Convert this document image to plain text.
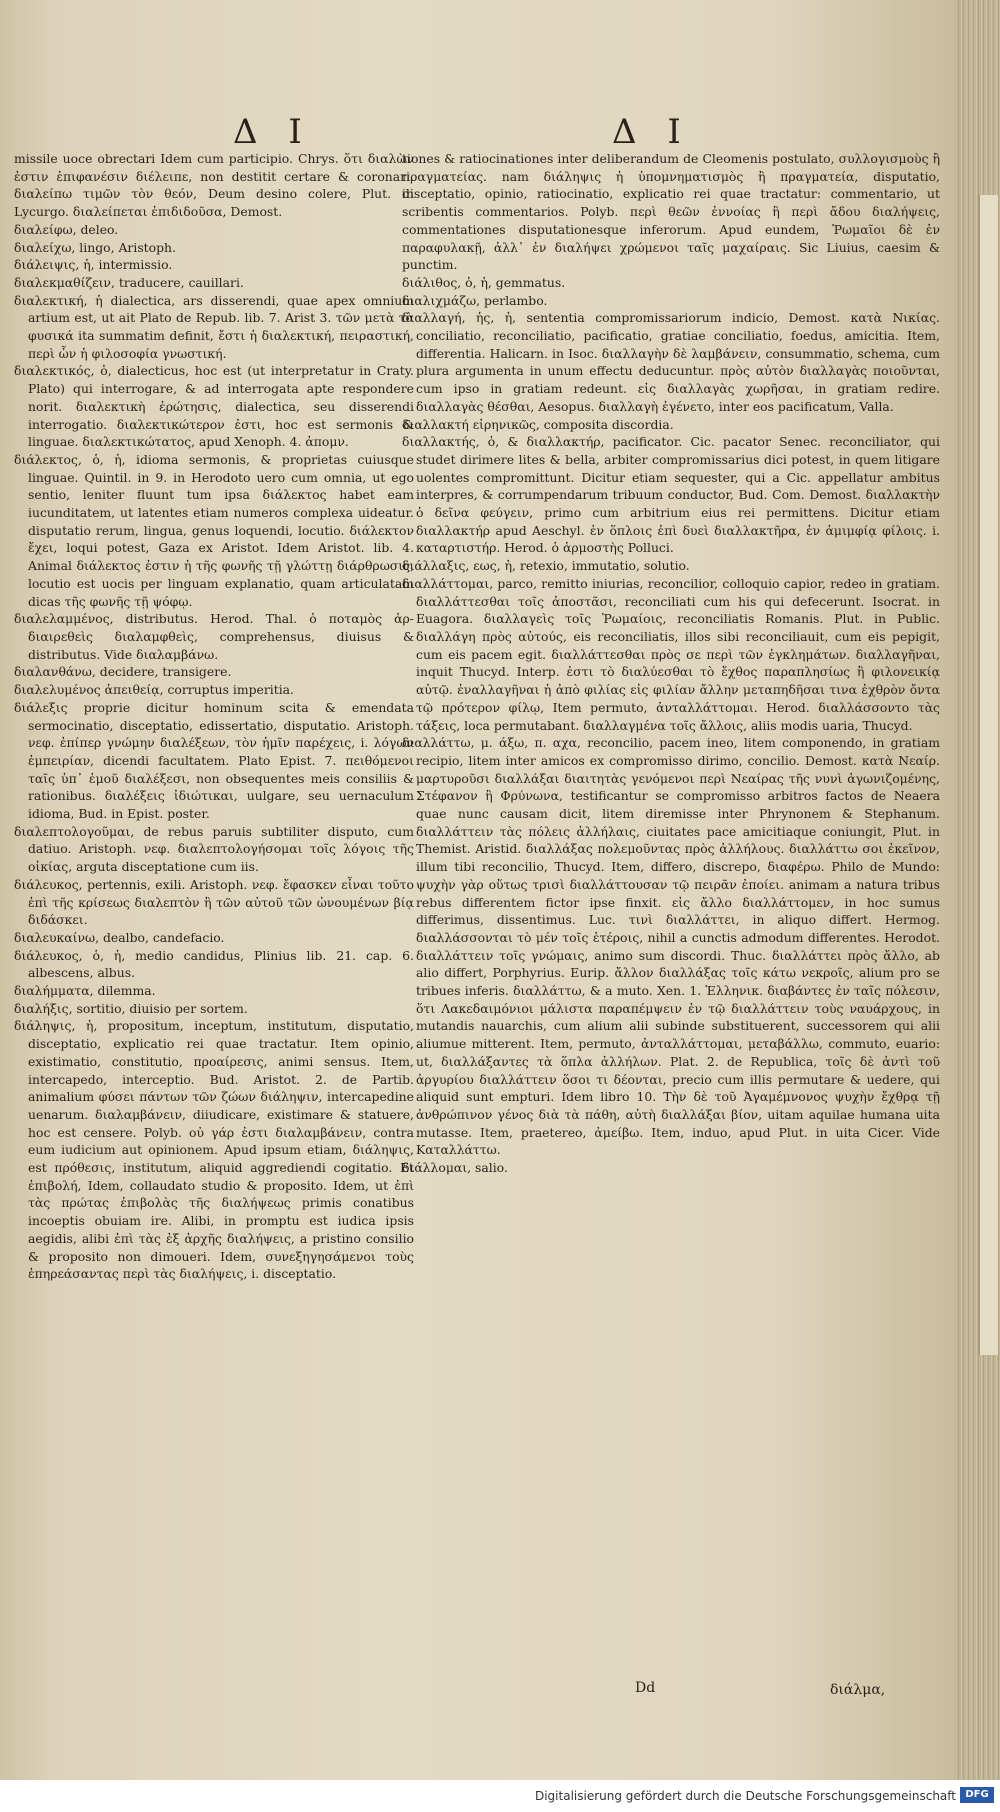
Δ Ι	Δ Ι

missile uoce obrectari Idem cum participio. Chrys. ὅτι διαλὼν ἐστιν ἐπιφανέσιν διέλειπε, non destitit certare & coronari. διαλείπω τιμῶν τὸν θεόν, Deum desino colere, Plut. in Lycurgo. διαλείπεται ἐπιδιδοῦσα, Demost.

διαλείφω, deleo.

διαλείχω, lingo, Aristoph.

διάλειψις, ἡ, intermissio.

διαλεκμαθίζειν, traducere, cauillari.

διαλεκτική, ἡ dialectica, ars disserendi, quae apex omnium artium est, ut ait Plato de Repub. lib. 7. Arist 3. τῶν μετὰ τὰ φυσικά ita summatim definit, ἔστι ἡ διαλεκτική, πειραστική, περὶ ὧν ἡ φιλοσοφία γνωστική.

διαλεκτικός, ὁ, dialecticus, hoc est (ut interpretatur in Craty. Plato) qui interrogare, & ad interrogata apte respondere norit. διαλεκτικὴ ἐρώτησις, dialectica, seu disserendi interrogatio. διαλεκτικώτερον ἐστι, hoc est sermonis & linguae. διαλεκτικώτατος, apud Xenoph. 4. ἀπομν.

διάλεκτος, ὁ, ἡ, idioma sermonis, & proprietas cuiusque linguae. Quintil. in 9. in Herodoto uero cum omnia, ut ego sentio, leniter fluunt tum ipsa διάλεκτος habet eam iucunditatem, ut latentes etiam numeros complexa uideatur. disputatio rerum, lingua, genus loquendi, locutio. διάλεκτον ἔχει, loqui potest, Gaza ex Aristot. Idem Aristot. lib. 4. Animal διάλεκτος ἐστιν ἡ τῆς φωνῆς τῇ γλώττῃ διάρθρωσις, locutio est uocis per linguam explanatio, quam articulatam dicas τῆς φωνῆς τῇ ψόφῳ.

διαλελαμμένος, distributus. Herod. Thal. ὁ ποταμὸς ἀρ-διαιρεθεὶς διαλαμφθεὶς, comprehensus, diuisus & distributus. Vide διαλαμβάνω.

διαλανθάνω, decidere, transigere.

διαλελυμένος ἀπειθείᾳ, corruptus imperitia.

διάλεξις proprie dicitur hominum scita & emendata sermocinatio, disceptatio, edissertatio, disputatio. Aristoph. νεφ. ἐπίπερ γνώμην διαλέξεων, τὸν ἡμῖν παρέχεις, i. λόγων ἐμπειρίαν, dicendi facultatem. Plato Epist. 7. πειθόμενοι ταῖς ὑπ᾿ ἐμοῦ διαλέξεσι, non obsequentes meis consiliis & rationibus. διαλέξεις ἰδιώτικαι, uulgare, seu uernaculum idioma, Bud. in Epist. poster.

διαλεπτολογοῦμαι, de rebus paruis subtiliter disputo, cum datiuo. Aristoph. νεφ. διαλεπτολογήσομαι τοῖς λόγοις τῆς οἰκίας, arguta disceptatione cum iis.

διάλευκος, pertennis, exili. Aristoph. νεφ. ἔφασκεν εἶναι τοῦτο ἐπὶ τῆς κρίσεως διαλεπτὸν ἢ τῶν αὐτοῦ τῶν ὠνουμένων βίᾳ διδάσκει.

διαλευκαίνω, dealbo, candefacio.

διάλευκος, ὁ, ἡ, medio candidus, Plinius lib. 21. cap. 6. albescens, albus.

διαλήμματα, dilemma.

διαλήξις, sortitio, diuisio per sortem.

διάληψις, ἡ, propositum, inceptum, institutum, disputatio, disceptatio, explicatio rei quae tractatur. Item opinio, existimatio, constitutio, προαίρεσις, animi sensus. Item, intercapedo, interceptio. Bud. Aristot. 2. de Partib. animalium φύσει πάντων τῶν ζώων διάληψιν, intercapedine uenarum. διαλαμβάνειν, diiudicare, existimare & statuere, hoc est censere. Polyb. οὐ γάρ ἐστι διαλαμβάνειν, contra eum iudicium aut opinionem. Apud ipsum etiam, διάληψις, est πρόθεσις, institutum, aliquid aggrediendi cogitatio. Et ἐπιβολή, Idem, collaudato studio & proposito. Idem, ut ἐπὶ τὰς πρώτας ἐπιβολὰς τῆς διαλήψεως primis conatibus incoeptis obuiam ire. Alibi, in promptu est iudica ipsis aegidis, alibi ἐπὶ τὰς ἐξ ἀρχῆς διαλήψεις, a pristino consilio & proposito non dimoueri. Idem, συνεξηγησάμενοι τοὺς ἐπηρεάσαντας περὶ τὰς διαλήψεις, i. disceptatio.

tiones & ratiocinationes inter deliberandum de Cleomenis postulato, συλλογισμοὺς ἢ πραγματείας. nam διάληψις ἡ ὑπομνηματισμὸς ἢ πραγματεία, disputatio, disceptatio, opinio, ratiocinatio, explicatio rei quae tractatur: commentario, ut scribentis commentarios. Polyb. περὶ θεῶν ἐννοίας ἢ περὶ ἄδου διαλήψεις, commentationes disputationesque inferorum. Apud eundem, Ῥωμαῖοι δὲ ἐν παραφυλακῇ, ἀλλ᾿ ἐν διαλήψει χρώμενοι ταῖς μαχαίραις. Sic Liuius, caesim & punctim.

διάλιθος, ὁ, ἡ, gemmatus.

διαλιχμάζω, perlambo.

διαλλαγή, ἡς, ἡ, sententia compromissariorum indicio, Demost. κατὰ Νικίας. conciliatio, reconciliatio, pacificatio, gratiae conciliatio, foedus, amicitia. Item, differentia. Halicarn. in Isoc. διαλλαγὴν δὲ λαμβάνειν, consummatio, schema, cum plura argumenta in unum effectu deducuntur. πρὸς αὐτὸν διαλλαγὰς ποιοῦνται, cum ipso in gratiam redeunt. εἰς διαλλαγὰς χωρῆσαι, in gratiam redire. διαλλαγὰς θέσθαι, Aesopus. διαλλαγὴ ἐγένετο, inter eos pacificatum, Valla.

διαλλακτή εἰρηνικῶς, composita discordia.

διαλλακτής, ὁ, & διαλλακτήρ, pacificator. Cic. pacator Senec. reconciliator, qui studet dirimere lites & bella, arbiter compromissarius dici potest, in quem litigare uolentes compromittunt. Dicitur etiam sequester, qui a Cic. appellatur ambitus interpres, & corrumpendarum tribuum conductor, Bud. Com. Demost. διαλλακτὴν ὁ δεῖνα φεύγειν, primo cum arbitrium eius rei permittens. Dicitur etiam διαλλακτήρ apud Aeschyl. ἐν ὅπλοις ἐπὶ δυεὶ διαλλακτῆρα, ἐν ἀμιμφίᾳ φίλοις. i. καταρτιστήρ. Herod. ὁ ἁρμοστὴς Polluci.

διάλλαξις, εως, ἡ, retexio, immutatio, solutio.

διαλλάττομαι, parco, remitto iniurias, reconcilior, colloquio capior, redeo in gratiam. διαλλάττεσθαι τοῖς ἀποστᾶσι, reconciliati cum his qui defecerunt. Isocrat. in Euagora. διαλλαγεὶς τοῖς Ῥωμαίοις, reconciliatis Romanis. Plut. in Public. διαλλάγη πρὸς αὐτούς, eis reconciliatis, illos sibi reconciliauit, cum eis pepigit, cum eis pacem egit. διαλλάττεσθαι πρὸς σε περὶ τῶν ἐγκλημάτων. διαλλαγῆναι, inquit Thucyd. Interp. ἐστι τὸ διαλύεσθαι τὸ ἔχθος παραπλησίως ἢ φιλονεικίᾳ αὐτῷ. ἐναλλαγῆναι ἡ ἀπὸ φιλίας εἰς φιλίαν ἄλλην μεταπηδῆσαι τινα ἐχθρὸν ὄντα τῷ πρότερον φίλῳ, Item permuto, ἀνταλλάττομαι. Herod. διαλλάσσοντο τὰς τάξεις, loca permutabant. διαλλαγμένα τοῖς ἄλλοις, aliis modis uaria, Thucyd.

διαλλάττω, μ. άξω, π. αχα, reconcilio, pacem ineo, litem componendo, in gratiam recipio, litem inter amicos ex compromisso dirimo, concilio. Demost. κατὰ Νεαίρ. μαρτυροῦσι διαλλάξαι διαιτητὰς γενόμενοι περὶ Νεαίρας τῆς νυνὶ ἀγωνιζομένης, Στέφανον ἢ Φρύνωνα, testificantur se compromisso arbitros factos de Neaera quae nunc causam dicit, litem diremisse inter Phrynonem & Stephanum. διαλλάττειν τὰς πόλεις ἀλλήλαις, ciuitates pace amicitiaque coniungit, Plut. in Themist. Aristid. διαλλάξας πολεμοῦντας πρὸς ἀλλήλους. διαλλάττω σοι ἐκεῖνον, illum tibi reconcilio, Thucyd. Item, differo, discrepo, διαφέρω. Philo de Mundo: ψυχὴν γὰρ οὕτως τρισὶ διαλλάττουσαν τῷ πειρᾶν ἐποίει. animam a natura tribus rebus differentem fictor ipse finxit. εἰς ἄλλο διαλλάττομεν, in hoc sumus differimus, dissentimus. Luc. τινὶ διαλλάττει, in aliquo differt. Hermog. διαλλάσσονται τὸ μέν τοῖς ἑτέροις, nihil a cunctis admodum differentes. Herodot. διαλλάττειν τοῖς γνώμαις, animo sum discordi. Thuc. διαλλάττει πρὸς ἄλλο, ab alio differt, Porphyrius. Eurip. ἄλλον διαλλάξας τοῖς κάτω νεκροῖς, alium pro se tribues inferis. διαλλάττω, & a muto. Xen. 1. Ἑλληνικ. διαβάντες ἐν ταῖς πόλεσιν, ὅτι Λακεδαιμόνιοι μάλιστα παραπέμψειν ἐν τῷ διαλλάττειν τοὺς ναυάρχους, in mutandis nauarchis, cum alium alii subinde substituerent, successorem qui alii aliumue mitterent. Item, permuto, ἀνταλλάττομαι, μεταβάλλω, commuto, euario: ut, διαλλάξαντες τὰ ὅπλα ἀλλήλων. Plat. 2. de Republica, τοῖς δὲ ἀντὶ τοῦ ἀργυρίου διαλλάττειν ὅσοι τι δέονται, precio cum illis permutare & uedere, qui aliquid sunt empturi. Idem libro 10. Τὴν δὲ τοῦ Ἀγαμέμνονος ψυχὴν ἔχθρᾳ τῇ ἀνθρώπινον γένος διὰ τὰ πάθη, αὐτὴ διαλλάξαι βίον, uitam aquilae humana uita mutasse. Item, praetereo, ἀμείβω. Item, induo, apud Plut. in uita Cicer. Vide Καταλλάττω.

διάλλομαι, salio.

Dd	διάλμα,
Digitalisierung gefördert durch die Deutsche Forschungsgemeinschaft DFG
